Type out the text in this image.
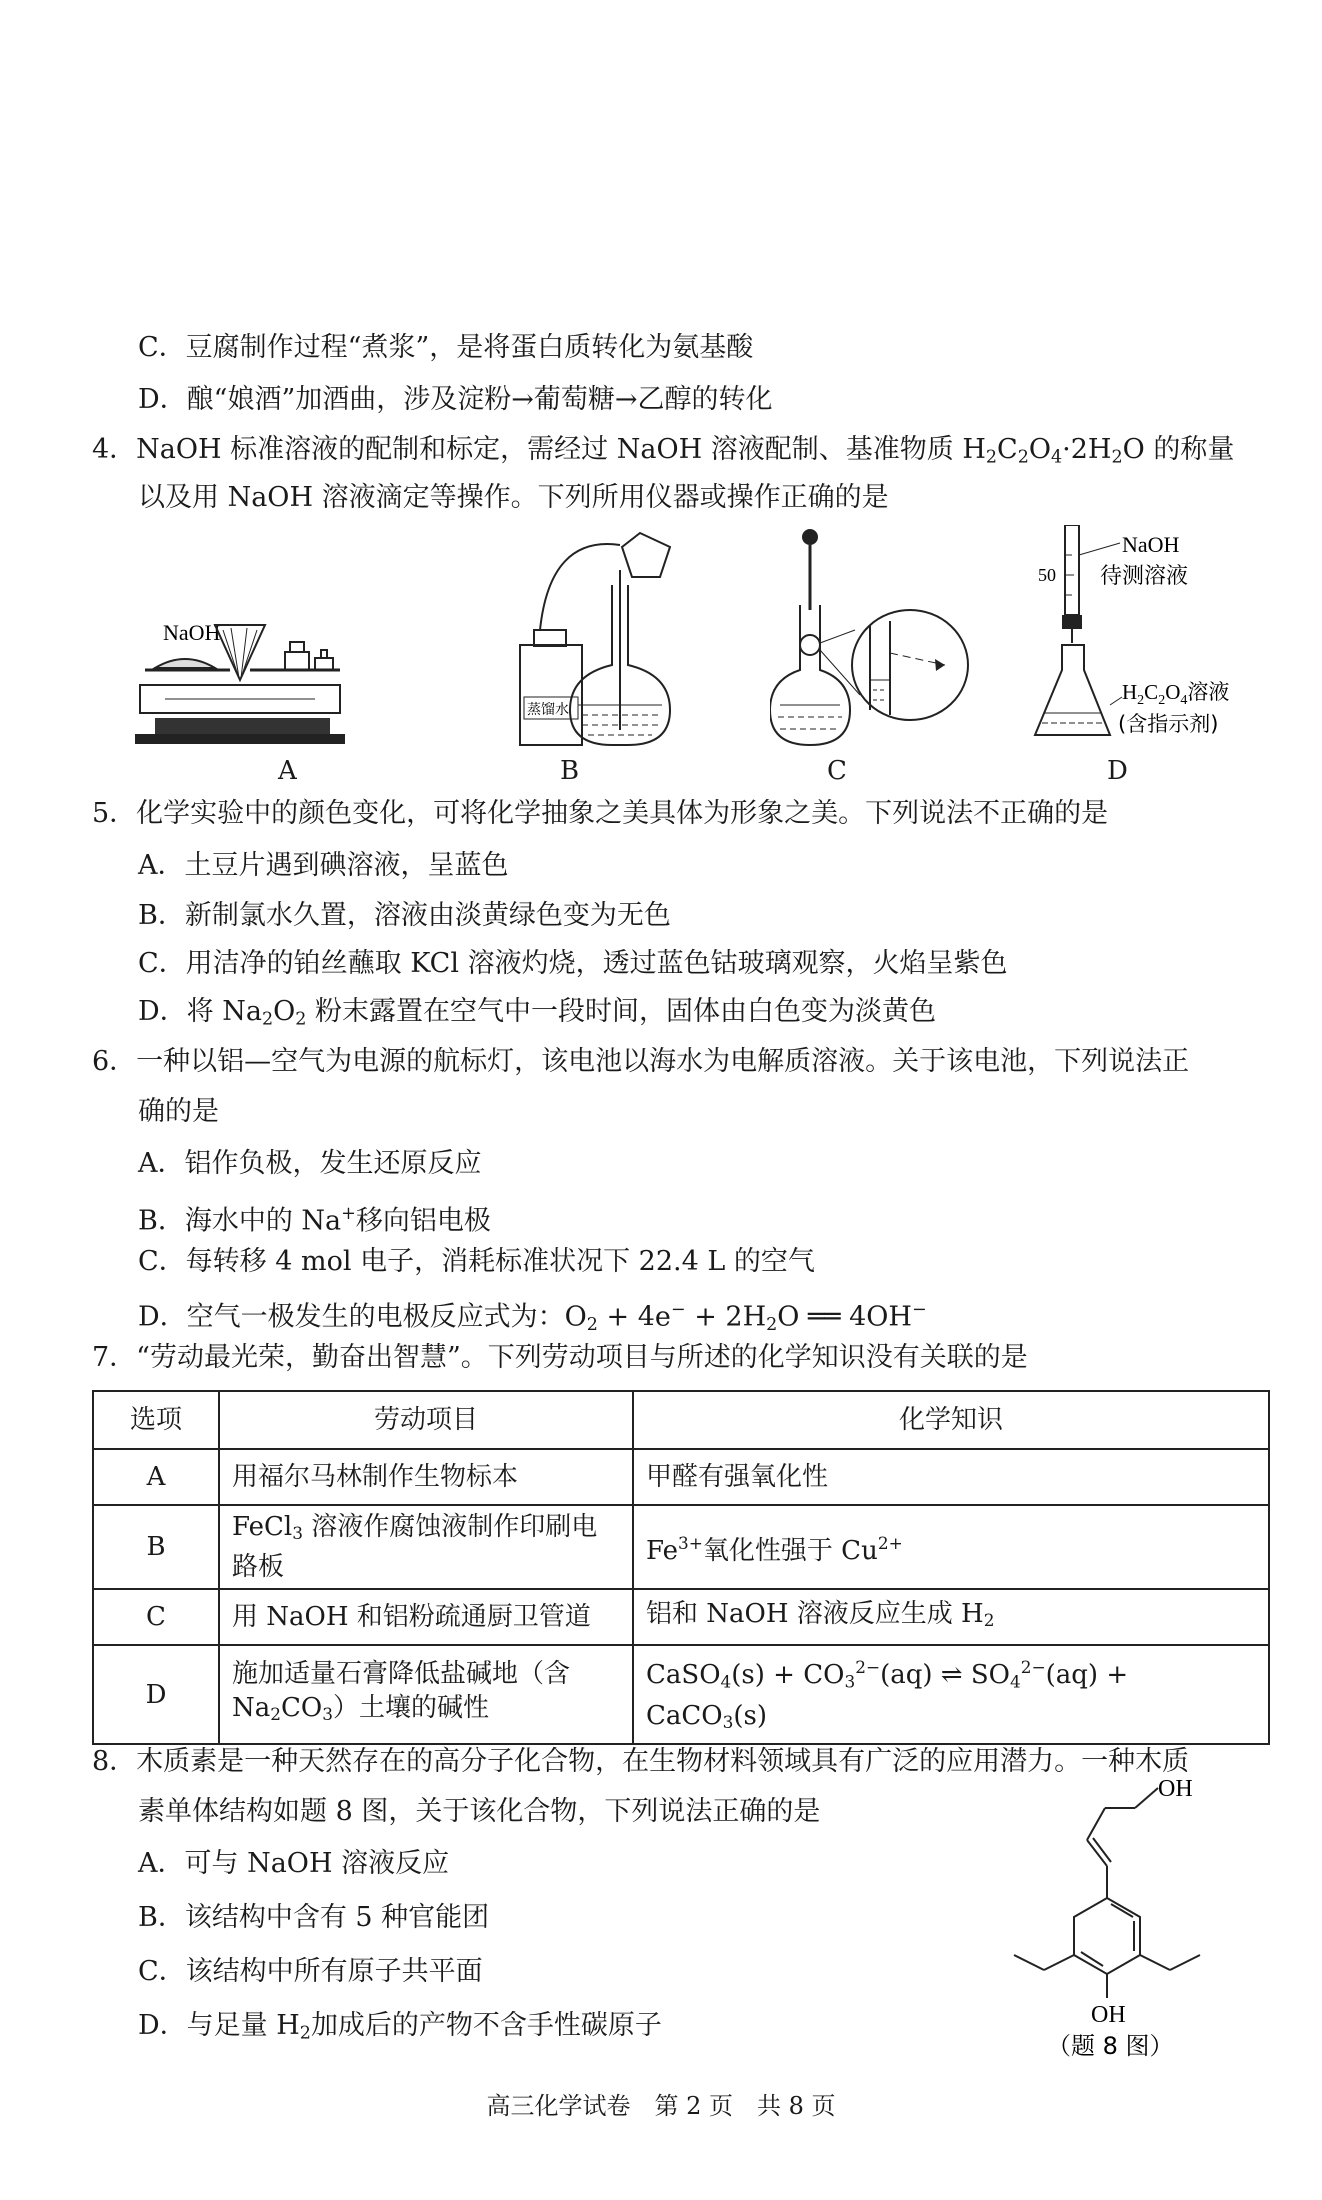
C．豆腐制作过程“煮浆”，是将蛋白质转化为氨基酸
D．酿“娘酒”加酒曲，涉及淀粉→葡萄糖→乙醇的转化
4．NaOH 标准溶液的配制和标定，需经过 NaOH 溶液配制、基准物质 $H_2C_2O_4\cdot 2H_2O$ 的称量
以及用 NaOH 溶液滴定等操作。下列所用仪器或操作正确的是
NaOH
A
蒸馏水
B	C
50
NaOH
待测溶液
$H_2C_2O_4$溶液
(含指示剂)
D
5．化学实验中的颜色变化，可将化学抽象之美具体为形象之美。下列说法不正确的是
A．土豆片遇到碘溶液，呈蓝色
B．新制氯水久置，溶液由淡黄绿色变为无色
C．用洁净的铂丝蘸取 KCl 溶液灼烧，透过蓝色钴玻璃观察，火焰呈紫色
D．将 $Na_2O_2$ 粉末露置在空气中一段时间，固体由白色变为淡黄色
6．一种以铝—空气为电源的航标灯，该电池以海水为电解质溶液。关于该电池，下列说法正
确的是
A．铝作负极，发生还原反应
B．海水中的 Na+移向铝电极
C．每转移 4 mol 电子，消耗标准状况下 22.4 L 的空气
D．空气一极发生的电极反应式为：$O_2 + 4e^- + 2H_2O$ ══ 4OH−
7．“劳动最光荣，勤奋出智慧”。下列劳动项目与所述的化学知识没有关联的是
选项	劳动项目	化学知识
A	用福尔马林制作生物标本	甲醛有强氧化性
B	FeCl$_3$ 溶液作腐蚀液制作印刷电路板	$Fe^{3+}$氧化性强于 $Cu^{2+}$
C	用 NaOH 和铝粉疏通厨卫管道	铝和 NaOH 溶液反应生成 $H_2$
D	施加适量石膏降低盐碱地（含 $Na_2CO_3$）土壤的碱性	CaSO$_4$(s) + $CO_3^{2-}(aq)$ ⇌ $SO_4^{2-}(aq)$ + CaCO$_3$(s)
8．木质素是一种天然存在的高分子化合物，在生物材料领域具有广泛的应用潜力。一种木质
素单体结构如题 8 图，关于该化合物，下列说法正确的是
A．可与 NaOH 溶液反应
B．该结构中含有 5 种官能团
C．该结构中所有原子共平面
D．与足量 $H_2$加成后的产物不含手性碳原子
OH
OH
（题 8 图）
高三化学试卷　第 2 页　共 8 页
